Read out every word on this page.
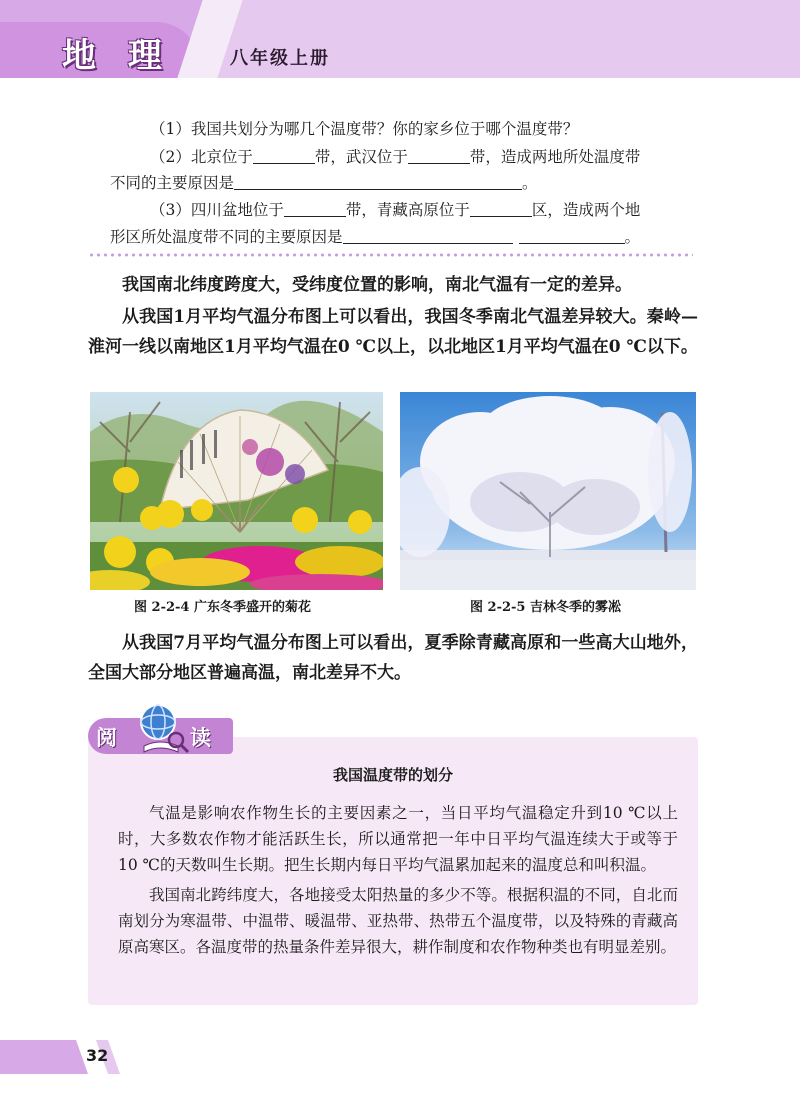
地 理	八年级上册
（1）我国共划分为哪几个温度带？你的家乡位于哪个温度带？
（2）北京位于	带，武汉位于	带，造成两地所处温度带
不同的主要原因是	。
（3）四川盆地位于	带，青藏高原位于	区，造成两个地
形区所处温度带不同的主要原因是	。
我国南北纬度跨度大，受纬度位置的影响，南北气温有一定的差异。
从我国1月平均气温分布图上可以看出，我国冬季南北气温差异较大。秦岭—淮河一线以南地区1月平均气温在0 ℃以上，以北地区1月平均气温在0 ℃以下。
图 2-2-4 广东冬季盛开的菊花	图 2-2-5 吉林冬季的雾凇
从我国7月平均气温分布图上可以看出，夏季除青藏高原和一些高大山地外，全国大部分地区普遍高温，南北差异不大。
阅	读
我国温度带的划分
气温是影响农作物生长的主要因素之一，当日平均气温稳定升到10 ℃以上时，大多数农作物才能活跃生长，所以通常把一年中日平均气温连续大于或等于10 ℃的天数叫生长期。把生长期内每日平均气温累加起来的温度总和叫积温。
我国南北跨纬度大，各地接受太阳热量的多少不等。根据积温的不同，自北而南划分为寒温带、中温带、暖温带、亚热带、热带五个温度带，以及特殊的青藏高原高寒区。各温度带的热量条件差异很大，耕作制度和农作物种类也有明显差别。
32
